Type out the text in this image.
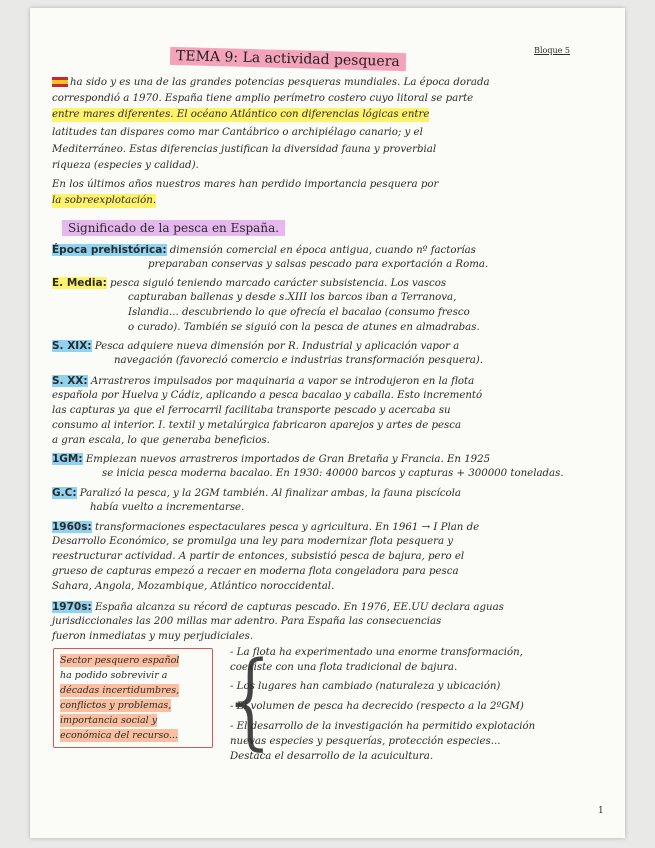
TEMA 9: La actividad pesquera	Bloque 5
ha sido y es una de las grandes potencias pesqueras mundiales. La época dorada
correspondió a 1970. España tiene amplio perímetro costero cuyo litoral se parte
entre mares diferentes. El océano Atlántico con diferencias lógicas entre
latitudes tan dispares como mar Cantábrico o archipiélago canario; y el
Mediterráneo. Estas diferencias justifican la diversidad fauna y proverbial
riqueza (especies y calidad).
En los últimos años nuestros mares han perdido importancia pesquera por
la sobreexplotación.
Significado de la pesca en España.
Época prehistórica: dimensión comercial en época antigua, cuando nº factorías
preparaban conservas y salsas pescado para exportación a Roma.
E. Media: pesca siguió teniendo marcado carácter subsistencia. Los vascos
capturaban ballenas y desde s.XIII los barcos iban a Terranova,
Islandia... descubriendo lo que ofrecía el bacalao (consumo fresco
o curado). También se siguió con la pesca de atunes en almadrabas.
S. XIX: Pesca adquiere nueva dimensión por R. Industrial y aplicación vapor a
navegación (favoreció comercio e industrias transformación pesquera).
S. XX: Arrastreros impulsados por maquinaria a vapor se introdujeron en la flota
española por Huelva y Cádiz, aplicando a pesca bacalao y caballa. Esto incrementó
las capturas ya que el ferrocarril facilitaba transporte pescado y acercaba su
consumo al interior. I. textil y metalúrgica fabricaron aparejos y artes de pesca
a gran escala, lo que generaba beneficios.
1GM: Empiezan nuevos arrastreros importados de Gran Bretaña y Francia. En 1925
se inicia pesca moderna bacalao. En 1930: 40000 barcos y capturas + 300000 toneladas.
G.C: Paralizó la pesca, y la 2GM también. Al finalizar ambas, la fauna piscícola
había vuelto a incrementarse.
1960s: transformaciones espectaculares pesca y agricultura. En 1961 → I Plan de
Desarrollo Económico, se promulga una ley para modernizar flota pesquera y
reestructurar actividad. A partir de entonces, subsistió pesca de bajura, pero el
grueso de capturas empezó a recaer en moderna flota congeladora para pesca
Sahara, Angola, Mozambique, Atlántico noroccidental.
1970s: España alcanza su récord de capturas pescado. En 1976, EE.UU declara aguas
jurisdiccionales las 200 millas mar adentro. Para España las consecuencias
fueron inmediatas y muy perjudiciales.
Sector pesquero español
ha podido sobrevivir a
décadas incertidumbres,
conflictos y problemas,
importancia social y
económica del recurso... {
- La flota ha experimentado una enorme transformación,
coexiste con una flota tradicional de bajura.
- Los lugares han cambiado (naturaleza y ubicación)
- El volumen de pesca ha decrecido (respecto a la 2ºGM)
- El desarrollo de la investigación ha permitido explotación
nuevas especies y pesquerías, protección especies...
Destaca el desarrollo de la acuicultura.
1
